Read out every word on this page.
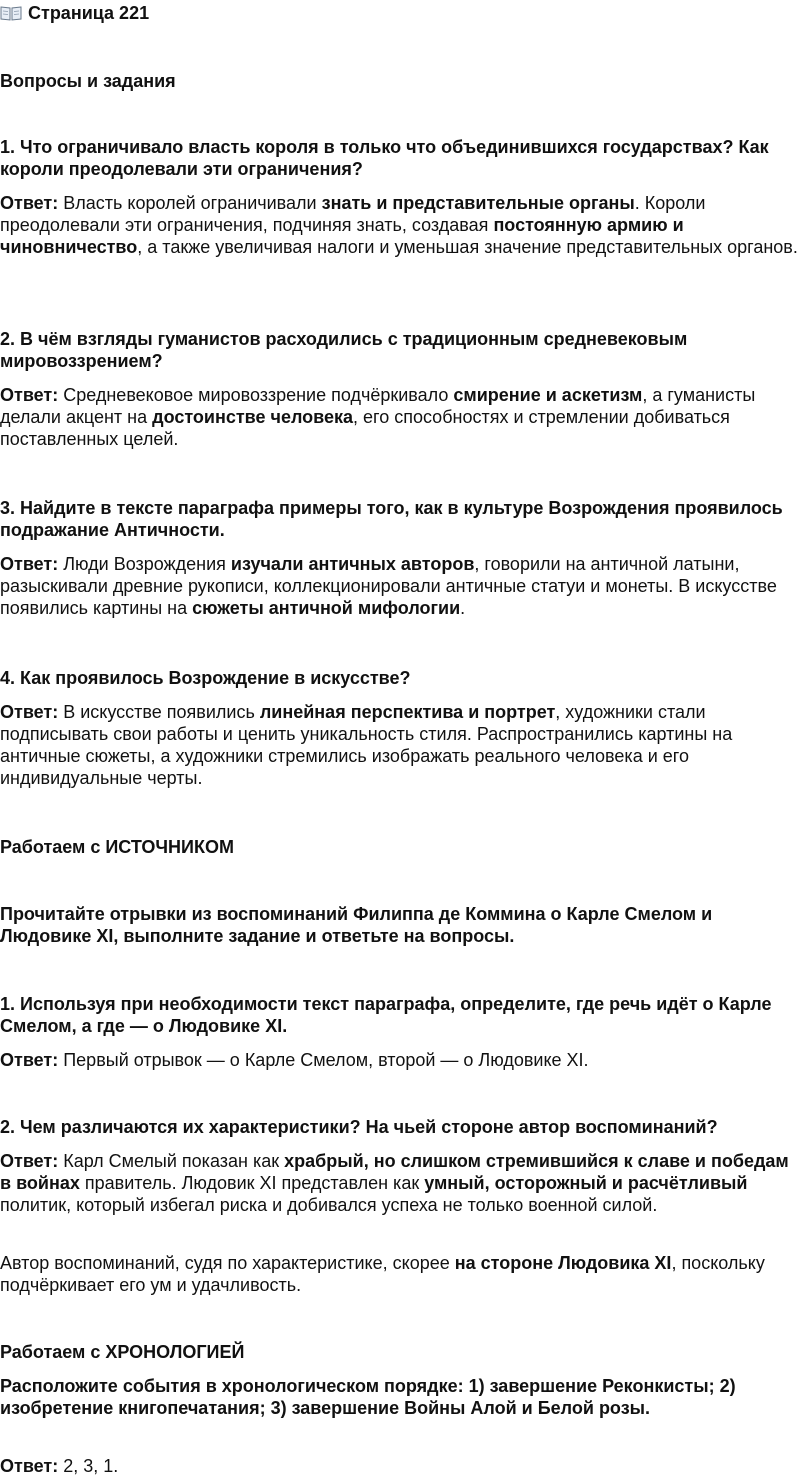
Страница 221
Вопросы и задания
1. Что ограничивало власть короля в только что объединившихся государствах? Как короли преодолевали эти ограничения?
Ответ: Власть королей ограничивали знать и представительные органы. Короли преодолевали эти ограничения, подчиняя знать, создавая постоянную армию и чиновничество, а также увеличивая налоги и уменьшая значение представительных органов.
2. В чём взгляды гуманистов расходились с традиционным средневековым мировоззрением?
Ответ: Средневековое мировоззрение подчёркивало смирение и аскетизм, а гуманисты делали акцент на достоинстве человека, его способностях и стремлении добиваться поставленных целей.
3. Найдите в тексте параграфа примеры того, как в культуре Возрождения проявилось подражание Античности.
Ответ: Люди Возрождения изучали античных авторов, говорили на античной латыни, разыскивали древние рукописи, коллекционировали античные статуи и монеты. В искусстве появились картины на сюжеты античной мифологии.
4. Как проявилось Возрождение в искусстве?
Ответ: В искусстве появились линейная перспектива и портрет, художники стали подписывать свои работы и ценить уникальность стиля. Распространились картины на античные сюжеты, а художники стремились изображать реального человека и его индивидуальные черты.
Работаем с ИСТОЧНИКОМ
Прочитайте отрывки из воспоминаний Филиппа де Коммина о Карле Смелом и Людовике XI, выполните задание и ответьте на вопросы.
1. Используя при необходимости текст параграфа, определите, где речь идёт о Карле Смелом, а где — о Людовике XI.
Ответ: Первый отрывок — о Карле Смелом, второй — о Людовике XI.
2. Чем различаются их характеристики? На чьей стороне автор воспоминаний?
Ответ: Карл Смелый показан как храбрый, но слишком стремившийся к славе и победам в войнах правитель. Людовик XI представлен как умный, осторожный и расчётливый политик, который избегал риска и добивался успеха не только военной силой.
Автор воспоминаний, судя по характеристике, скорее на стороне Людовика XI, поскольку подчёркивает его ум и удачливость.
Работаем с ХРОНОЛОГИЕЙ
Расположите события в хронологическом порядке: 1) завершение Реконкисты; 2) изобретение книгопечатания; 3) завершение Войны Алой и Белой розы.
Ответ: 2, 3, 1.
